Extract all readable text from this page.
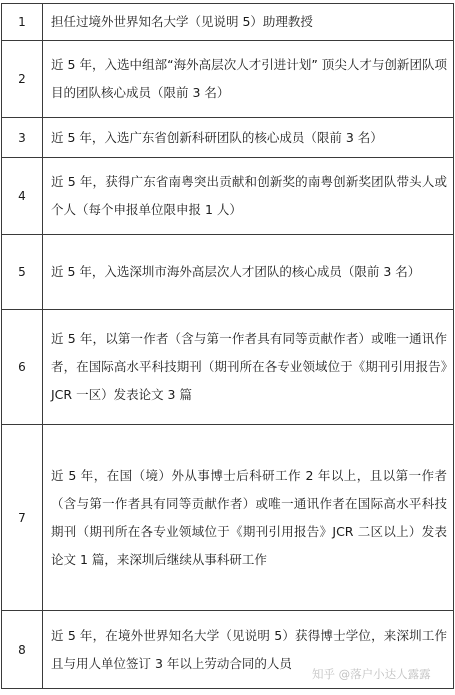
1	担任过境外世界知名大学（见说明 5）助理教授
2	近 5 年，入选中组部“海外高层次人才引进计划” 顶尖人才与创新团队项目的团队核心成员（限前 3 名）
3	近 5 年，入选广东省创新科研团队的核心成员（限前 3 名）
4	近 5 年，获得广东省南粤突出贡献和创新奖的南粤创新奖团队带头人或个人（每个申报单位限申报 1 人）
5	近 5 年，入选深圳市海外高层次人才团队的核心成员（限前 3 名）
6	近 5 年，以第一作者（含与第一作者具有同等贡献作者）或唯一通讯作者，在国际高水平科技期刊（期刊所在各专业领域位于《期刊引用报告》JCR 一区）发表论文 3 篇
7	近 5 年，在国（境）外从事博士后科研工作 2 年以上，且以第一作者（含与第一作者具有同等贡献作者）或唯一通讯作者在国际高水平科技期刊（期刊所在各专业领域位于《期刊引用报告》JCR 二区以上）发表论文 1 篇，来深圳后继续从事科研工作
8	近 5 年，在境外世界知名大学（见说明 5）获得博士学位，来深圳工作且与用人单位签订 3 年以上劳动合同的人员
知乎 @落户小达人露露
